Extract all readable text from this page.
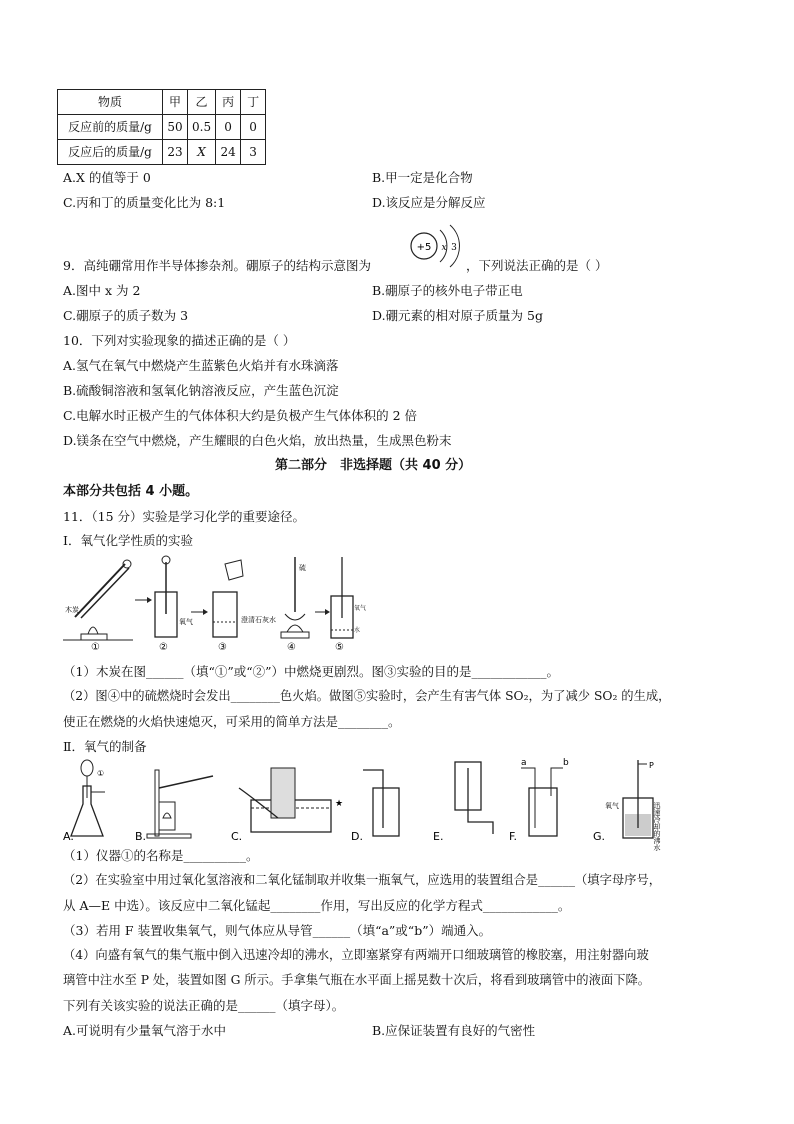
物质	甲	乙	丙	丁
反应前的质量/g	50	0.5	0	0
反应后的质量/g	23	X	24	3
A.X 的值等于 0	B.甲一定是化合物
C.丙和丁的质量变化比为 8:1	D.该反应是分解反应
9．高纯硼常用作半导体掺杂剂。硼原子的结构示意图为
+5 x 3
，下列说法正确的是（ ）
A.图中 x 为 2	B.硼原子的核外电子带正电
C.硼原子的质子数为 3	D.硼元素的相对原子质量为 5g
10．下列对实验现象的描述正确的是（ ）
A.氢气在氧气中燃烧产生蓝紫色火焰并有水珠滴落
B.硫酸铜溶液和氢氧化钠溶液反应，产生蓝色沉淀
C.电解水时正极产生的气体体积大约是负极产生气体体积的 2 倍
D.镁条在空气中燃烧，产生耀眼的白色火焰，放出热量，生成黑色粉末
第二部分　非选择题（共 40 分）
本部分共包括 4 小题。
11．（15 分）实验是学习化学的重要途径。
Ⅰ．氧气化学性质的实验
木炭
①
氧气
②
澄清石灰水
③
硫
④
氧气
水
⑤
（1）木炭在图______（填“①”或“②”）中燃烧更剧烈。图③实验的目的是____________。
（2）图④中的硫燃烧时会发出________色火焰。做图⑤实验时，会产生有害气体 SO₂，为了减少 SO₂ 的生成，
使正在燃烧的火焰快速熄灭，可采用的简单方法是________。
Ⅱ．氧气的制备
①
A.	B.
★
C.	D.	E.
a	b
F.
P
氧气	迅速冷却的沸水
G.
（1）仪器①的名称是__________。
（2）在实验室中用过氧化氢溶液和二氧化锰制取并收集一瓶氧气，应选用的装置组合是______（填字母序号，
从 A—E 中选）。该反应中二氧化锰起________作用，写出反应的化学方程式____________。
（3）若用 F 装置收集氧气，则气体应从导管______（填“a”或“b”）端通入。
（4）向盛有氧气的集气瓶中倒入迅速冷却的沸水，立即塞紧穿有两端开口细玻璃管的橡胶塞，用注射器向玻
璃管中注水至 P 处，装置如图 G 所示。手拿集气瓶在水平面上摇晃数十次后，将看到玻璃管中的液面下降。
下列有关该实验的说法正确的是______（填字母）。
A.可说明有少量氧气溶于水中	B.应保证装置有良好的气密性
